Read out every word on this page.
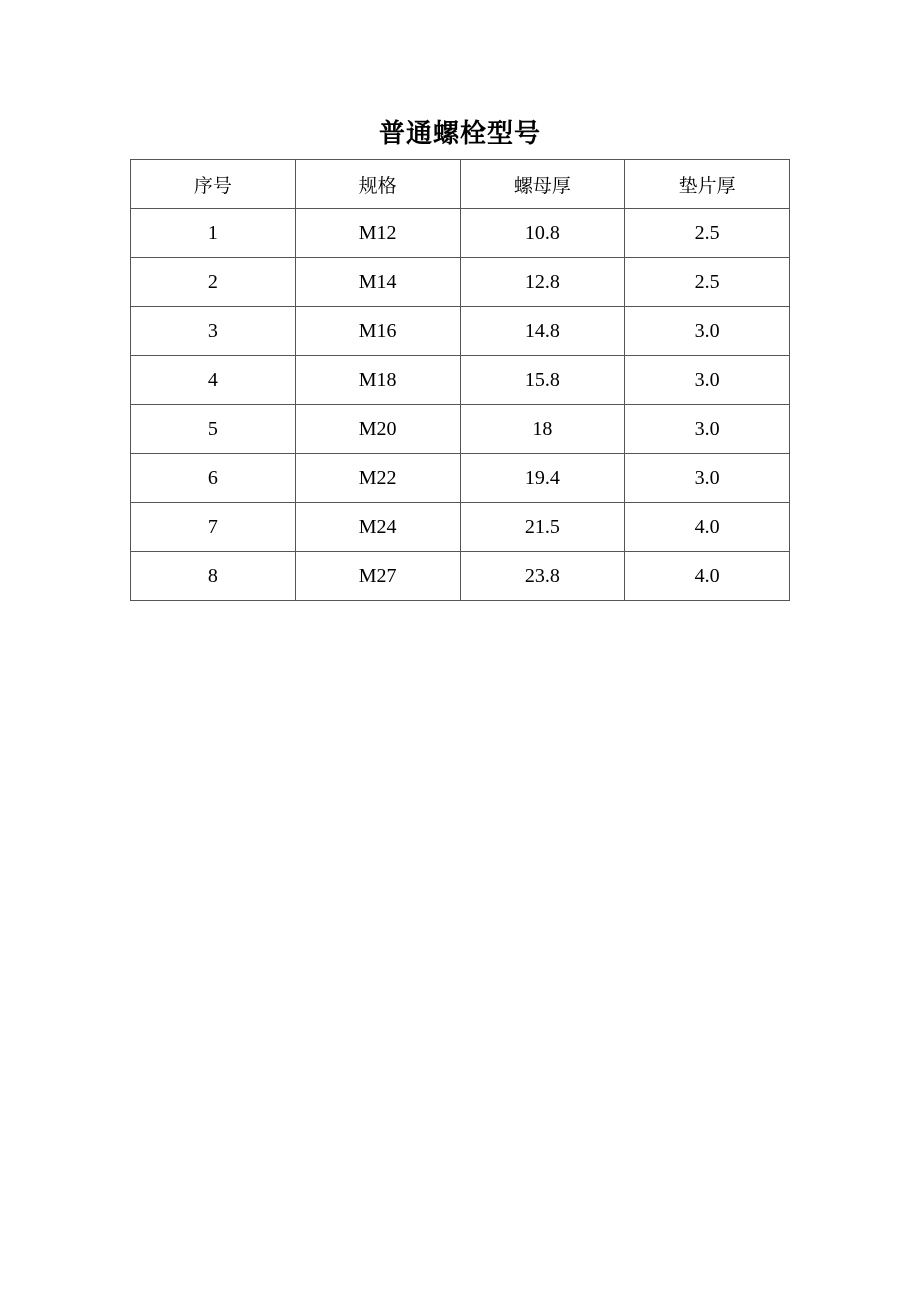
普通螺栓型号
序号	规格	螺母厚	垫片厚
1	M12	10.8	2.5
2	M14	12.8	2.5
3	M16	14.8	3.0
4	M18	15.8	3.0
5	M20	18	3.0
6	M22	19.4	3.0
7	M24	21.5	4.0
8	M27	23.8	4.0
